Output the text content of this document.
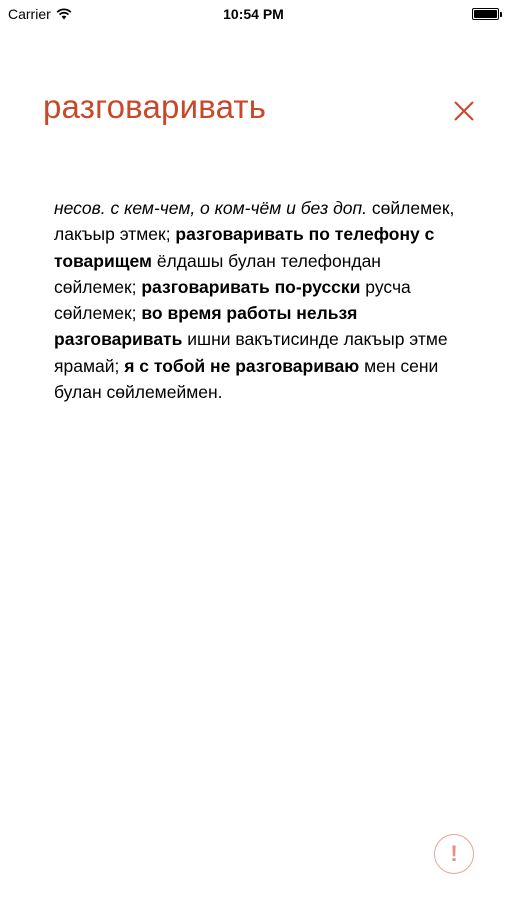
Carrier	10:54 PM
разговаривать
несов. с кем-чем, о ком-чём и без доп. сөйлемек, лакъыр этмек; разговаривать по телефону с товарищем ёлдашы булан телефондан сөйлемек; разговаривать по-русски русча сөйлемек; во время работы нельзя разговаривать ишни вакътисинде лакъыр этме ярамай; я с тобой не разговариваю мен сени булан сөйлемеймен.
!
